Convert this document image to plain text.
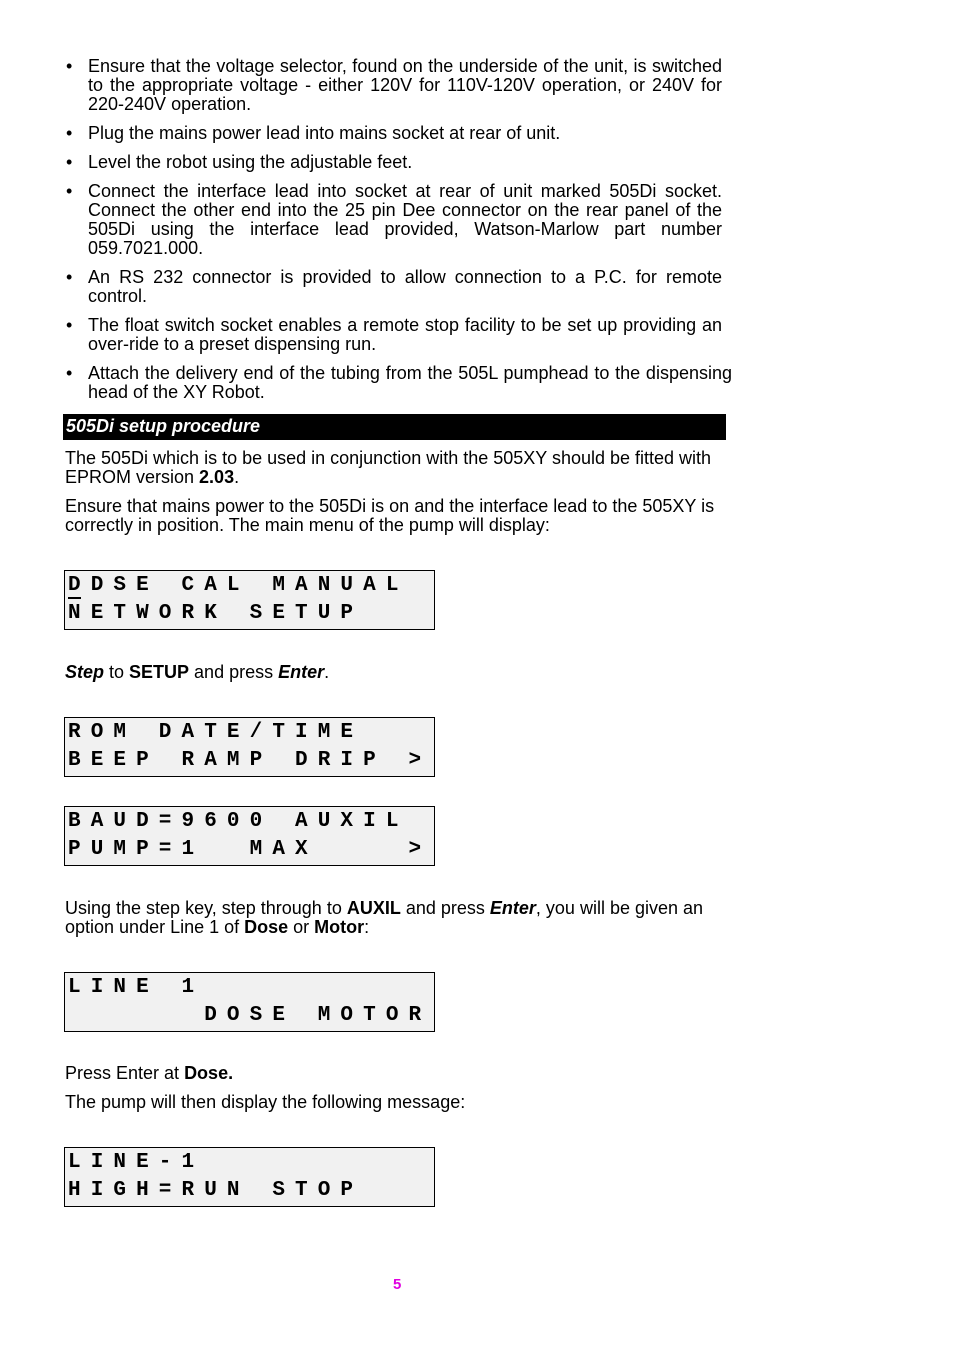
• Ensure that the voltage selector, found on the underside of the unit, is switched to the appropriate voltage - either 120V for 110V-120V operation, or 240V for 220-240V operation.
• Plug the mains power lead into mains socket at rear of unit.
• Level the robot using the adjustable feet.
• Connect the interface lead into socket at rear of unit marked 505Di socket. Connect the other end into the 25 pin Dee connector on the rear panel of the 505Di using the interface lead provided, Watson-Marlow part number 059.7021.000.
• An RS 232 connector is provided to allow connection to a P.C. for remote control.
• The float switch socket enables a remote stop facility to be set up providing an over-ride to a preset dispensing run.
• Attach the delivery end of the tubing from the 505L pumphead to the dispensing head of the XY Robot.
505Di setup procedure
The 505Di which is to be used in conjunction with the 505XY should be fitted with EPROM version 2.03.
Ensure that mains power to the 505Di is on and the interface lead to the 505XY is correctly in position. The main menu of the pump will display:
DDSE CAL MANUAL
NETWORK SETUP
Step to SETUP and press Enter.
ROM DATE/TIME
BEEP RAMP DRIP >
BAUD=9600 AUXIL
PUMP=1  MAX    >
Using the step key, step through to AUXIL and press Enter, you will be given an option under Line 1 of Dose or Motor:
LINE 1
DOSE MOTOR
Press Enter at Dose.
The pump will then display the following message:
LINE-1
HIGH=RUN STOP
5
